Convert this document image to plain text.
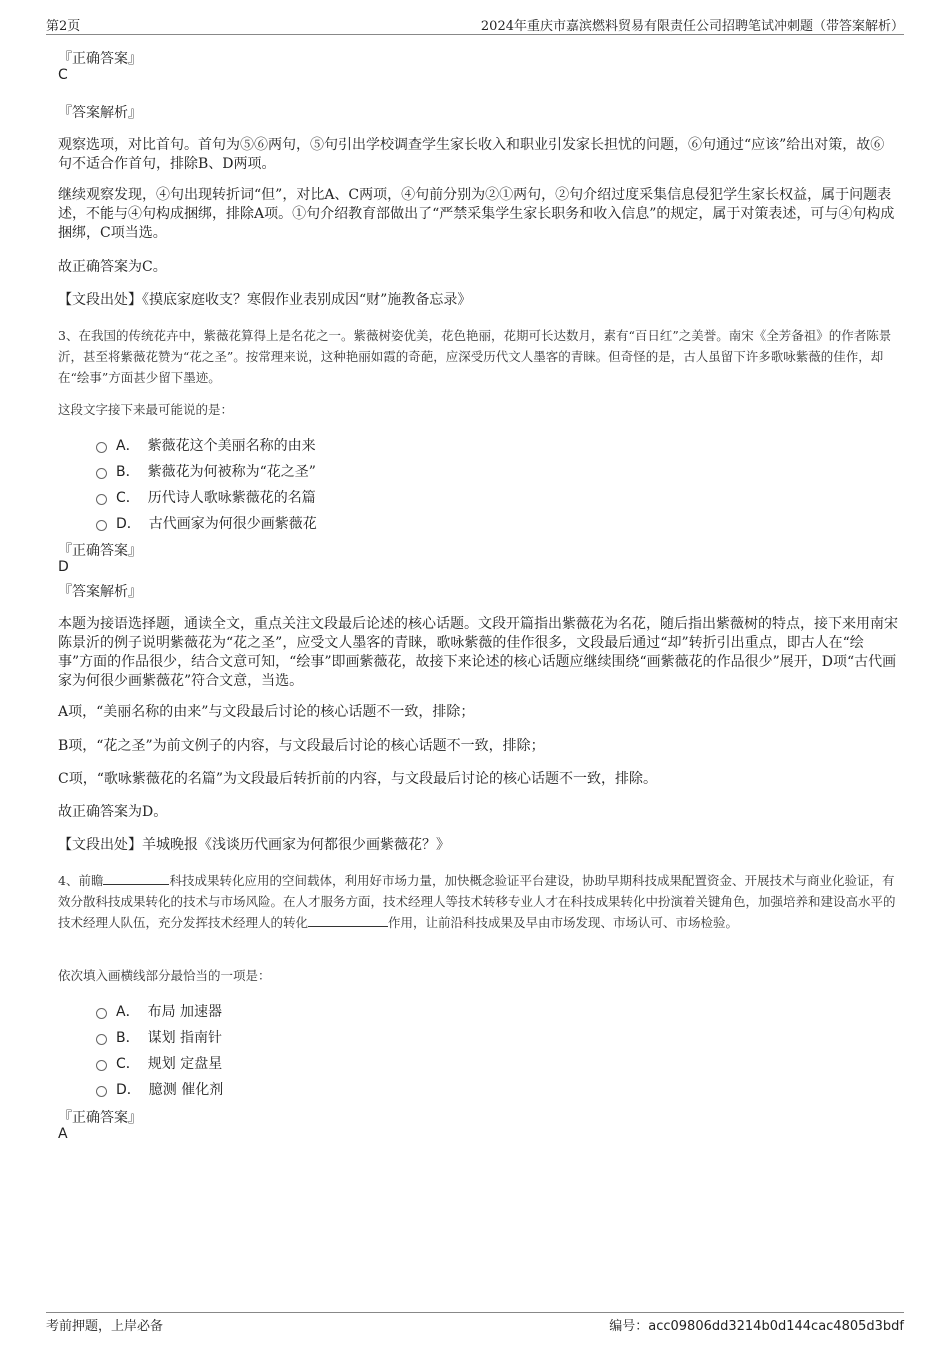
第2页	2024年重庆市嘉滨燃料贸易有限责任公司招聘笔试冲刺题（带答案解析）
『正确答案』
C
『答案解析』
观察选项，对比首句。首句为⑤⑥两句，⑤句引出学校调查学生家长收入和职业引发家长担忧的问题，⑥句通过“应该”给出对策，故⑥句不适合作首句，排除B、D两项。
继续观察发现，④句出现转折词“但”，对比A、C两项，④句前分别为②①两句，②句介绍过度采集信息侵犯学生家长权益，属于问题表述，不能与④句构成捆绑，排除A项。①句介绍教育部做出了“严禁采集学生家长职务和收入信息”的规定，属于对策表述，可与④句构成捆绑，C项当选。
故正确答案为C。
【文段出处】《摸底家庭收支？寒假作业表别成因“财”施教备忘录》
3、在我国的传统花卉中，紫薇花算得上是名花之一。紫薇树姿优美，花色艳丽，花期可长达数月，素有“百日红”之美誉。南宋《全芳备祖》的作者陈景沂，甚至将紫薇花赞为“花之圣”。按常理来说，这种艳丽如霞的奇葩，应深受历代文人墨客的青睐。但奇怪的是，古人虽留下许多歌咏紫薇的佳作，却在“绘事”方面甚少留下墨迹。
这段文字接下来最可能说的是：
A． 紫薇花这个美丽名称的由来
B． 紫薇花为何被称为“花之圣”
C． 历代诗人歌咏紫薇花的名篇
D． 古代画家为何很少画紫薇花
『正确答案』
D
『答案解析』
本题为接语选择题，通读全文，重点关注文段最后论述的核心话题。文段开篇指出紫薇花为名花，随后指出紫薇树的特点，接下来用南宋陈景沂的例子说明紫薇花为“花之圣”，应受文人墨客的青睐，歌咏紫薇的佳作很多，文段最后通过“却”转折引出重点，即古人在“绘事”方面的作品很少，结合文意可知，“绘事”即画紫薇花，故接下来论述的核心话题应继续围绕“画紫薇花的作品很少”展开，D项“古代画家为何很少画紫薇花”符合文意，当选。
A项，“美丽名称的由来”与文段最后讨论的核心话题不一致，排除；
B项，“花之圣”为前文例子的内容，与文段最后讨论的核心话题不一致，排除；
C项，“歌咏紫薇花的名篇”为文段最后转折前的内容，与文段最后讨论的核心话题不一致，排除。
故正确答案为D。
【文段出处】羊城晚报《浅谈历代画家为何都很少画紫薇花？》
4、前瞻	科技成果转化应用的空间载体，利用好市场力量，加快概念验证平台建设，协助早期科技成果配置资金、开展技术与商业化验证，有效分散科技成果转化的技术与市场风险。在人才服务方面，技术经理人等技术转移专业人才在科技成果转化中扮演着关键角色，加强培养和建设高水平的技术经理人队伍，充分发挥技术经理人的转化	作用，让前沿科技成果及早由市场发现、市场认可、市场检验。
依次填入画横线部分最恰当的一项是：
A． 布局 加速器
B． 谋划 指南针
C． 规划 定盘星
D． 臆测 催化剂
『正确答案』
A
考前押题，上岸必备	编号：acc09806dd3214b0d144cac4805d3bdf
